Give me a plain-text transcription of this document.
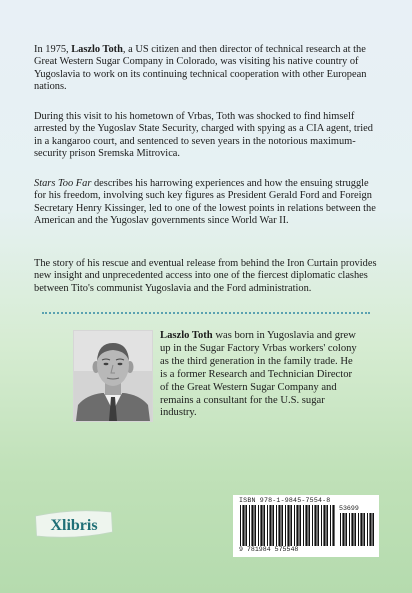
In 1975, Laszlo Toth, a US citizen and then director of technical research at the Great Western Sugar Company in Colorado, was visiting his native country of Yugoslavia to work on its continuing technical cooperation with other European nations.

During this visit to his hometown of Vrbas, Toth was shocked to find himself arrested by the Yugoslav State Security, charged with spying as a CIA agent, tried in a kangaroo court, and sentenced to seven years in the notorious maximum-security prison Sremska Mitrovica.

Stars Too Far describes his harrowing experiences and how the ensuing struggle for his freedom, involving such key figures as President Gerald Ford and Foreign Secretary Henry Kissinger, led to one of the lowest points in relations between the American and the Yugoslav governments since World War II.

The story of his rescue and eventual release from behind the Iron Curtain provides new insight and unprecedented access into one of the fiercest diplomatic clashes between Tito's communist Yugoslavia and the Ford administration.

Laszlo Toth was born in Yugoslavia and grew up in the Sugar Factory Vrbas workers' colony as the third generation in the family trade. He is a former Research and Technician Director of the Great Western Sugar Company and remains a consultant for the U.S. sugar industry.

Xlibris
ISBN 978-1-9845-7554-8
53699
9 781984 575548
